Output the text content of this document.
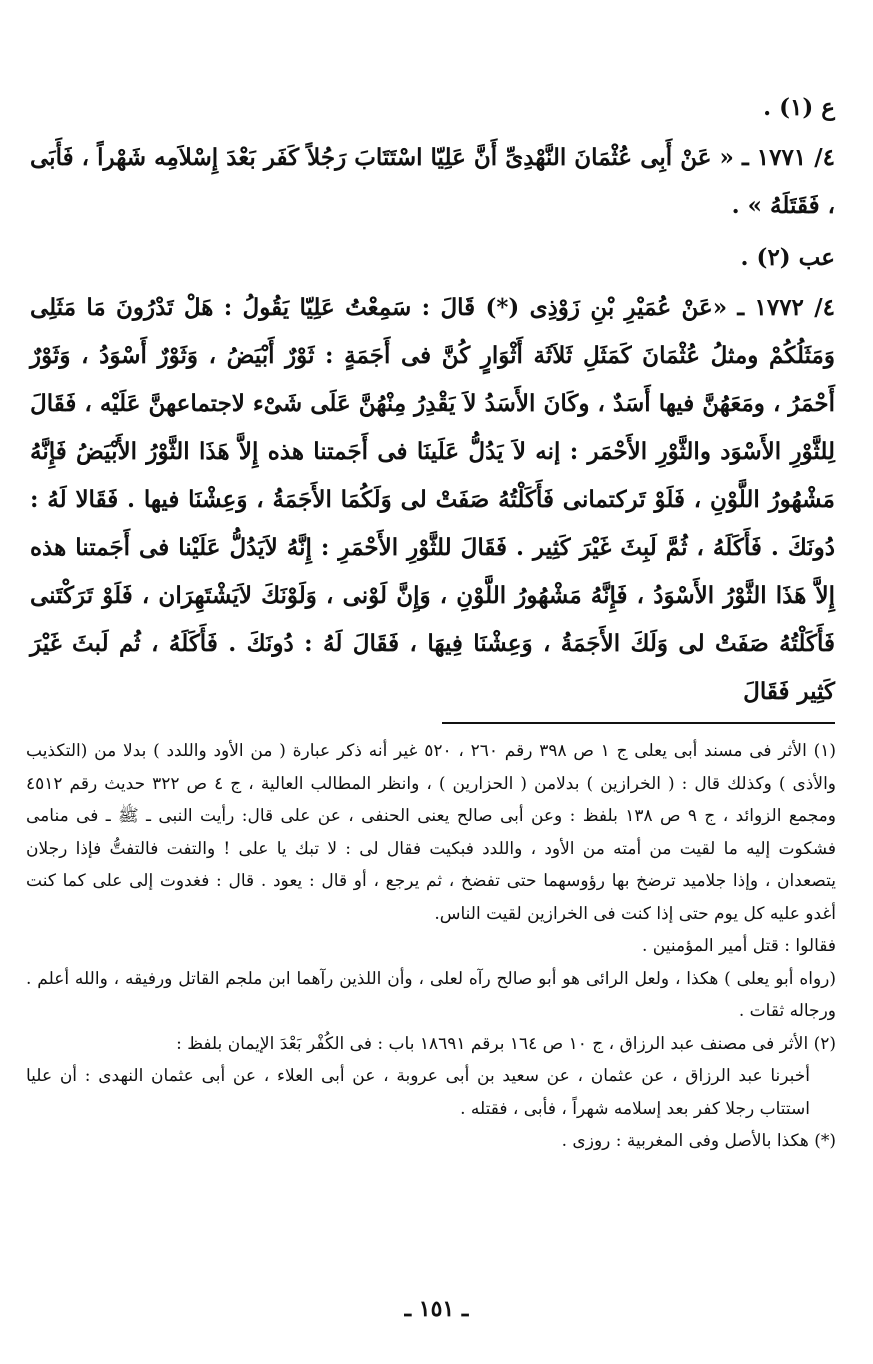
ع (١) .

٤/ ١٧٧١ ـ « عَنْ أَبِى عُثْمَانَ النَّهْدِىِّ أَنَّ عَلِيّا اسْتَتَابَ رَجُلاً كَفَر بَعْدَ إِسْلاَمِه شَهْراً ، فَأَبَى ، فَقَتَلَهُ » .

عب (٢) .

٤/ ١٧٧٢ ـ «عَنْ عُمَيْرِ بْنِ زَوْذِى (*) قَالَ : سَمِعْتُ عَلِيّا يَقُولُ : هَلْ تَدْرُونَ مَا مَثَلِى وَمَثَلُكُمْ ومثلُ عُثْمَانَ كَمَثَلِ ثَلاَثَة أَثْوَارٍ كُنَّ فى أَجَمَةٍ : ثَوْرٌ أَبْيَضُ ، وَثَوْرٌ أَسْوَدُ ، وَثَوْرٌ أَحْمَرُ ، ومَعَهُنَّ فيها أَسَدٌ ، وكَانَ الأَسَدُ لاَ يَقْدِرُ مِنْهُنَّ عَلَى شَىْء لاجتماعهنَّ عَلَيْه ، فَقَالَ لِلثَّوْرِ الأَسْوَد والثَّوْرِ الأَحْمَر : إنه لاَ يَدُلُّ عَلَينَا فى أَجَمتنا هذه إِلاَّ هَذَا الثَّوْرُ الأَبْيَضُ فَإِنَّهُ مَشْهُورُ اللَّوْنِ ، فَلَوْ تَركتمانى فَأَكَلْتُهُ صَفَتْ لى وَلَكُمَا الأَجَمَةُ ، وَعِشْنَا فيها . فَقَالا لَهُ : دُونَكَ . فَأَكَلَهُ ، ثُمَّ لَبِثَ غَيْرَ كَثِير . فَقَالَ للثَّوْرِ الأَحْمَرِ : إِنَّهُ لاَيَدُلُّ عَلَيْنا فى أَجَمتنا هذه إِلاَّ هَذَا الثَّوْرُ الأَسْوَدُ ، فَإِنَّهُ مَشْهُورُ اللَّوْنِ ، وَإِنَّ لَوْنى ، وَلَوْنَكَ لاَيَشْتَهِرَان ، فَلَوْ تَرَكْتَنى فَأَكَلْتُهُ صَفَتْ لى وَلَكَ الأَجَمَةُ ، وَعِشْنَا فِيهَا ، فَقَالَ لَهُ : دُونَكَ . فَأَكَلَهُ ، ثُم لَبثَ غَيْرَ كَثِير فَقَالَ

(١) الأثر فى مسند أبى يعلى ج ١ ص ٣٩٨ رقم ٢٦٠ ، ٥٢٠ غير أنه ذكر عبارة ( من الأود واللدد ) بدلا من (التكذيب والأذى ) وكذلك قال : ( الخرازين ) بدلامن ( الحزارين ) ، وانظر المطالب العالية ، ج ٤ ص ٣٢٢ حديث رقم ٤٥١٢ ومجمع الزوائد ، ج ٩ ص ١٣٨ بلفظ : وعن أبى صالح يعنى الحنفى ، عن على قال: رأيت النبى ـ ﷺ ـ فى منامى فشكوت إليه ما لقيت من أمته من الأود ، واللدد فبكيت فقال لى : لا تبك يا على ! والتفت فالتفتُّ فإذا رجلان يتصعدان ، وإذا جلاميد ترضخ بها رؤوسهما حتى تفضخ ، ثم يرجع ، أو قال : يعود . قال : فغدوت إلى على كما كنت أغدو عليه كل يوم حتى إذا كنت فى الخرازين لقيت الناس.

فقالوا : قتل أمير المؤمنين .

(رواه أبو يعلى ) هكذا ، ولعل الرائى هو أبو صالح رآه لعلى ، وأن اللذين رآهما ابن ملجم القاتل ورفيقه ، والله أعلم . ورجاله ثقات .

(٢) الأثر فى مصنف عبد الرزاق ، ج ١٠ ص ١٦٤ برقم ١٨٦٩١ باب : فى الكُفْر بَعْدَ الإيمان بلفظ :

أخبرنا عبد الرزاق ، عن عثمان ، عن سعيد بن أبى عروبة ، عن أبى العلاء ، عن أبى عثمان النهدى : أن عليا استتاب رجلا كفر بعد إسلامه شهراً ، فأبى ، فقتله .

(*) هكذا بالأصل وفى المغربية : روزى .

ـ ١٥١ ـ
